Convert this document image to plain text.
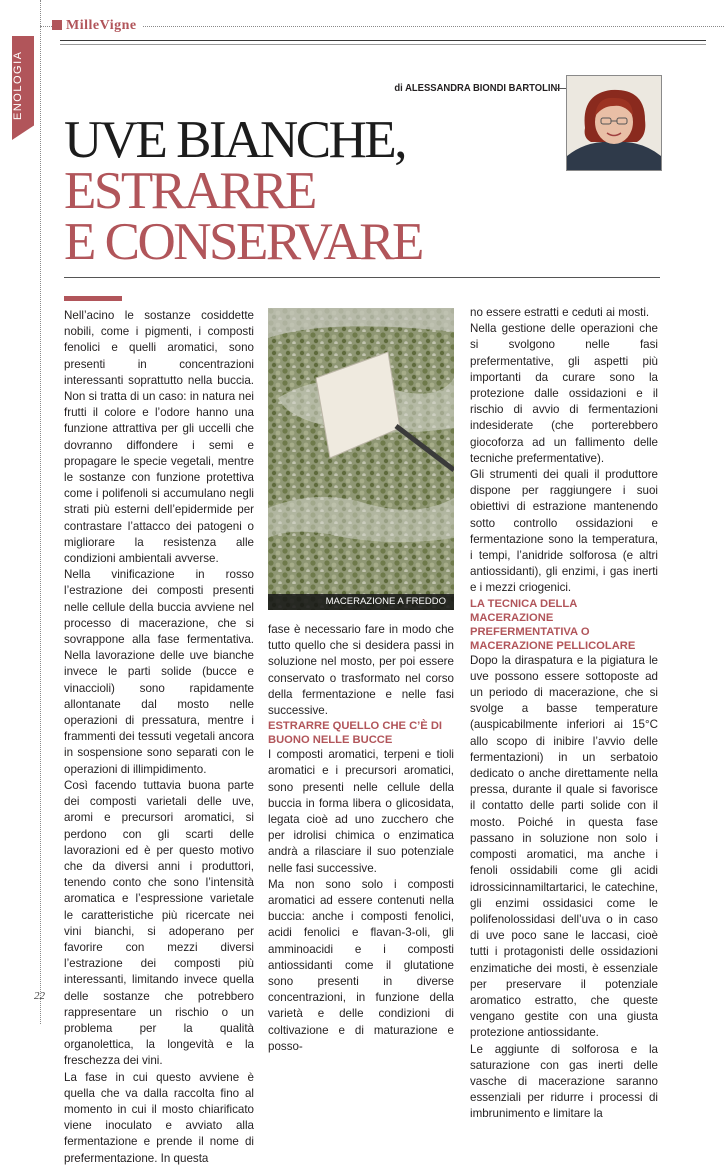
MilleVigne
ENOLOGIA	di ALESSANDRA BIONDI BARTOLINI
UVE BIANCHE,
ESTRARRE
E CONSERVARE

Nell’acino le sostanze cosiddette nobili, come i pigmenti, i composti fenolici e quelli aromatici, sono presenti in concentrazioni interessanti soprattutto nella buccia. Non si tratta di un caso: in natura nei frutti il colore e l’odore hanno una funzione attrattiva per gli uccelli che dovranno diffondere i semi e propagare le specie vegetali, mentre le sostanze con funzione protettiva come i polifenoli si accumulano negli strati più esterni dell’epidermide per contrastare l’attacco dei patogeni o migliorare la resistenza alle condizioni ambientali avverse.

Nella vinificazione in rosso l’estrazione dei composti presenti nelle cellule della buccia avviene nel processo di macerazione, che si sovrappone alla fase fermentativa. Nella lavorazione delle uve bianche invece le parti solide (bucce e vinaccioli) sono rapidamente allontanate dal mosto nelle operazioni di pressatura, mentre i frammenti dei tessuti vegetali ancora in sospensione sono separati con le operazioni di illimpidimento.

Così facendo tuttavia buona parte dei composti varietali delle uve, aromi e precursori aromatici, si perdono con gli scarti delle lavorazioni ed è per questo motivo che da diversi anni i produttori, tenendo conto che sono l’intensità aromatica e l’espressione varietale le caratteristiche più ricercate nei vini bianchi, si adoperano per favorire con mezzi diversi l’estrazione dei composti più interessanti, limitando invece quella delle sostanze che potrebbero rappresentare un rischio o un problema per la qualità organolettica, la longevità e la freschezza dei vini.

La fase in cui questo avviene è quella che va dalla raccolta fino al momento in cui il mosto chiarificato viene inoculato e avviato alla fermentazione e prende il nome di prefermentazione. In questa

MACERAZIONE A FREDDO

fase è necessario fare in modo che tutto quello che si desidera passi in soluzione nel mosto, per poi essere conservato o trasformato nel corso della fermentazione e nelle fasi successive.

ESTRARRE QUELLO CHE C’È DI BUONO NELLE BUCCE

I composti aromatici, terpeni e tioli aromatici e i precursori aromatici, sono presenti nelle cellule della buccia in forma libera o glicosidata, legata cioè ad uno zucchero che per idrolisi chimica o enzimatica andrà a rilasciare il suo potenziale nelle fasi successive.

Ma non sono solo i composti aromatici ad essere contenuti nella buccia: anche i composti fenolici, acidi fenolici e flavan-3-oli, gli amminoacidi e i composti antiossidanti come il glutatione sono presenti in diverse concentrazioni, in funzione della varietà e delle condizioni di coltivazione e di maturazione e posso-

no essere estratti e ceduti ai mosti.

Nella gestione delle operazioni che si svolgono nelle fasi prefermentative, gli aspetti più importanti da curare sono la protezione dalle ossidazioni e il rischio di avvio di fermentazioni indesiderate (che porterebbero giocoforza ad un fallimento delle tecniche prefermentative).

Gli strumenti dei quali il produttore dispone per raggiungere i suoi obiettivi di estrazione mantenendo sotto controllo ossidazioni e fermentazione sono la temperatura, i tempi, l’anidride solforosa (e altri antiossidanti), gli enzimi, i gas inerti e i mezzi criogenici.

LA TECNICA DELLA MACERAZIONE PREFERMENTATIVA O MACERAZIONE PELLICOLARE

Dopo la diraspatura e la pigiatura le uve possono essere sottoposte ad un periodo di macerazione, che si svolge a basse temperature (auspicabilmente inferiori ai 15°C allo scopo di inibire l’avvio delle fermentazioni) in un serbatoio dedicato o anche direttamente nella pressa, durante il quale si favorisce il contatto delle parti solide con il mosto. Poiché in questa fase passano in soluzione non solo i composti aromatici, ma anche i fenoli ossidabili come gli acidi idrossicinnamiltartarici, le catechine, gli enzimi ossidasici come le polifenolossidasi dell’uva o in caso di uve poco sane le laccasi, cioè tutti i protagonisti delle ossidazioni enzimatiche dei mosti, è essenziale per preservare il potenziale aromatico estratto, che queste vengano gestite con una giusta protezione antiossidante.

Le aggiunte di solforosa e la saturazione con gas inerti delle vasche di macerazione saranno essenziali per ridurre i processi di imbrunimento e limitare la

22
